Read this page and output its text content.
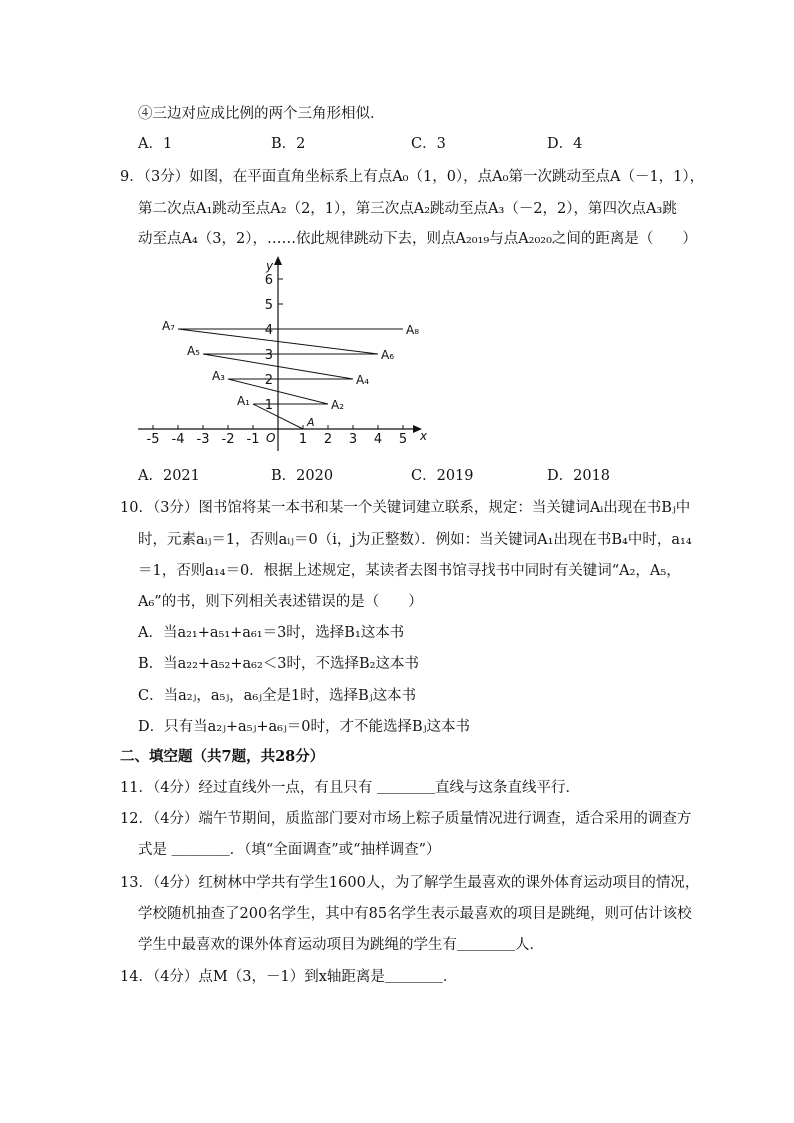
④三边对应成比例的两个三角形相似．
A．1	B．2	C．3	D．4
9．（3分）如图，在平面直角坐标系上有点A₀（1，0），点A₀第一次跳动至点A（－1，1），
第二次点A₁跳动至点A₂（2，1），第三次点A₂跳动至点A₃（－2，2），第四次点A₃跳
动至点A₄（3，2），……依此规律跳动下去，则点A₂₀₁₉与点A₂₀₂₀之间的距离是（　　）
x
y
O
-5 -4 -3 -2 -1	1 2 3 4 5
1
2
3
4
5
6
A
A₁	A₂
A₃	A₄
A₅	A₆
A₇	A₈
A．2021	B．2020	C．2019	D．2018
10．（3分）图书馆将某一本书和某一个关键词建立联系，规定：当关键词Aᵢ出现在书Bⱼ中
时，元素aᵢⱼ＝1，否则aᵢⱼ＝0（i，j为正整数）．例如：当关键词A₁出现在书B₄中时，a₁₄
＝1，否则a₁₄＝0．根据上述规定，某读者去图书馆寻找书中同时有关键词“A₂，A₅，
A₆”的书，则下列相关表述错误的是（　　）
A．当a₂₁+a₅₁+a₆₁＝3时，选择B₁这本书
B．当a₂₂+a₅₂+a₆₂＜3时，不选择B₂这本书
C．当a₂ⱼ，a₅ⱼ，a₆ⱼ全是1时，选择Bⱼ这本书
D．只有当a₂ⱼ+a₅ⱼ+a₆ⱼ＝0时，才不能选择Bⱼ这本书
二、填空题（共7题，共28分）
11．（4分）经过直线外一点，有且只有 ＿＿＿＿直线与这条直线平行．
12．（4分）端午节期间，质监部门要对市场上粽子质量情况进行调查，适合采用的调查方
式是 ＿＿＿＿．（填“全面调查”或“抽样调查”）
13．（4分）红树林中学共有学生1600人，为了解学生最喜欢的课外体育运动项目的情况，
学校随机抽查了200名学生，其中有85名学生表示最喜欢的项目是跳绳，则可估计该校
学生中最喜欢的课外体育运动项目为跳绳的学生有＿＿＿＿人．
14．（4分）点M（3，－1）到x轴距离是＿＿＿＿．
